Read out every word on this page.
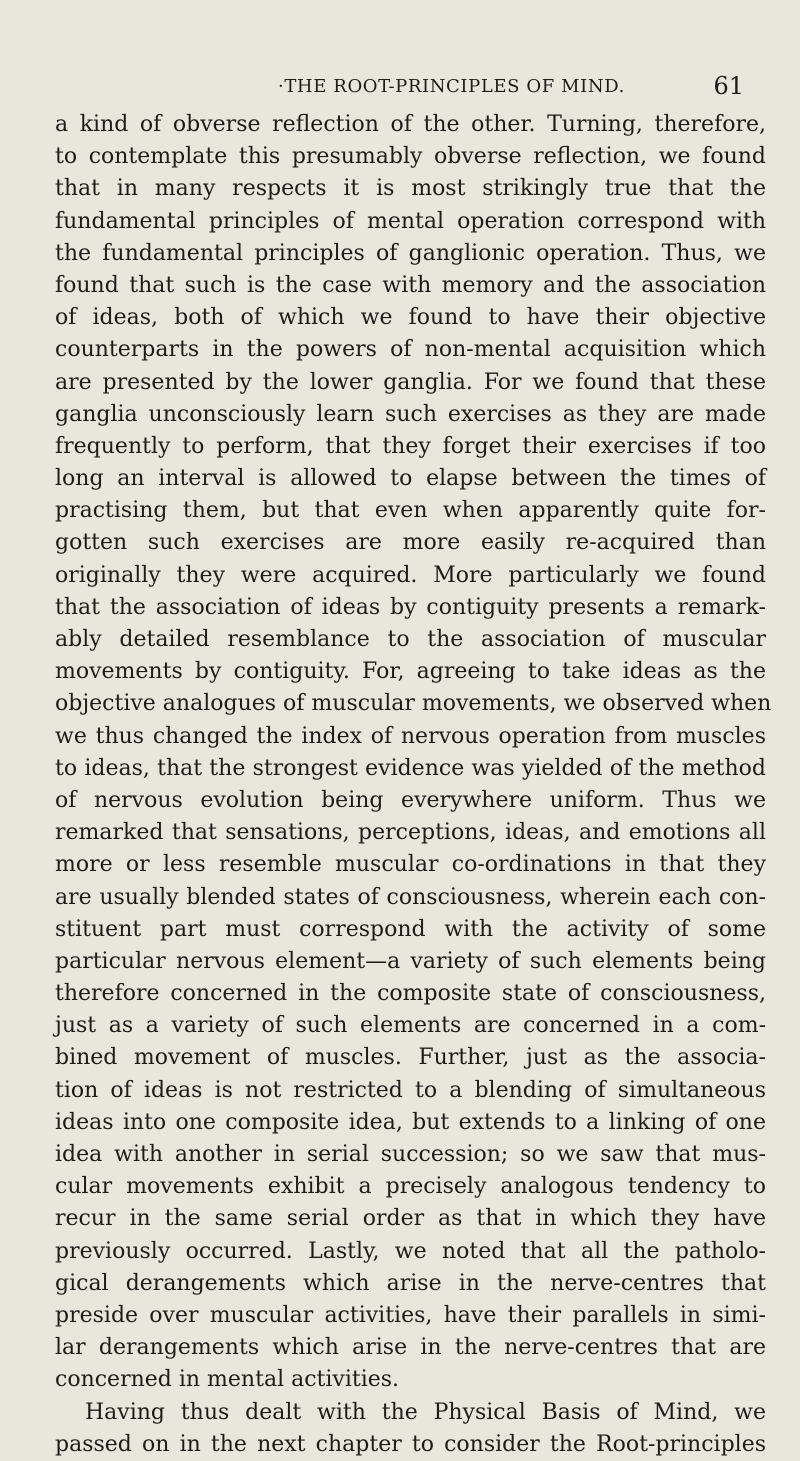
·THE ROOT-PRINCIPLES OF MIND.	61
a kind of obverse reflection of the other. Turning, therefore,
to contemplate this presumably obverse reflection, we found
that in many respects it is most strikingly true that the
fundamental principles of mental operation correspond with
the fundamental principles of ganglionic operation. Thus, we
found that such is the case with memory and the association
of ideas, both of which we found to have their objective
counterparts in the powers of non-mental acquisition which
are presented by the lower ganglia. For we found that these
ganglia unconsciously learn such exercises as they are made
frequently to perform, that they forget their exercises if too
long an interval is allowed to elapse between the times of
practising them, but that even when apparently quite for-
gotten such exercises are more easily re-acquired than
originally they were acquired. More particularly we found
that the association of ideas by contiguity presents a remark-
ably detailed resemblance to the association of muscular
movements by contiguity. For, agreeing to take ideas as the
objective analogues of muscular movements, we observed when
we thus changed the index of nervous operation from muscles
to ideas, that the strongest evidence was yielded of the method
of nervous evolution being everywhere uniform. Thus we
remarked that sensations, perceptions, ideas, and emotions all
more or less resemble muscular co-ordinations in that they
are usually blended states of consciousness, wherein each con-
stituent part must correspond with the activity of some
particular nervous element—a variety of such elements being
therefore concerned in the composite state of consciousness,
just as a variety of such elements are concerned in a com-
bined movement of muscles. Further, just as the associa-
tion of ideas is not restricted to a blending of simultaneous
ideas into one composite idea, but extends to a linking of one
idea with another in serial succession; so we saw that mus-
cular movements exhibit a precisely analogous tendency to
recur in the same serial order as that in which they have
previously occurred. Lastly, we noted that all the patholo-
gical derangements which arise in the nerve-centres that
preside over muscular activities, have their parallels in simi-
lar derangements which arise in the nerve-centres that are
concerned in mental activities.
Having thus dealt with the Physical Basis of Mind, we
passed on in the next chapter to consider the Root-principles
